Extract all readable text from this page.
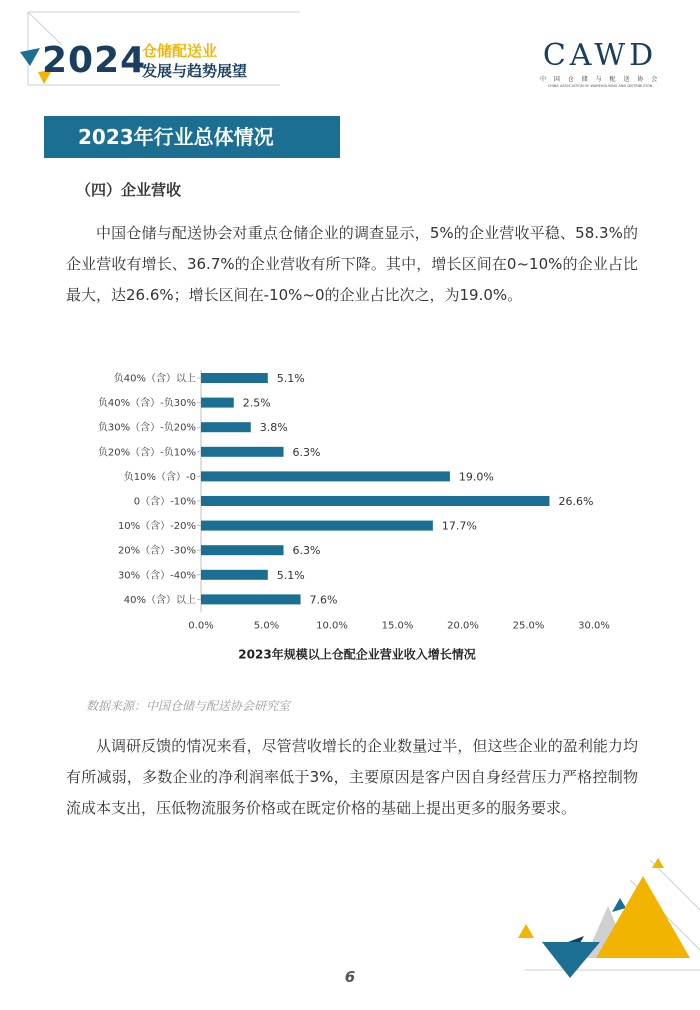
2024
仓储配送业
发展与趋势展望	CAWD
中 国 仓 储 与 配 送 协 会
CHINA ASSOCIATION OF WAREHOUSING AND DISTRIBUTION
2023年行业总体情况
（四）企业营收
中国仓储与配送协会对重点仓储企业的调查显示，5%的企业营收平稳、58.3%的企业营收有增长、36.7%的企业营收有所下降。其中，增长区间在0~10%的企业占比最大，达26.6%；增长区间在-10%~0的企业占比次之，为19.0%。
负40%（含）以上	5.1%
负40%（含）-负30%	2.5%
负30%（含）-负20%	3.8%
负20%（含）-负10%	6.3%
负10%（含）-0	19.0%
0（含）-10%	26.6%
10%（含）-20%	17.7%
20%（含）-30%	6.3%
30%（含）-40%	5.1%
40%（含）以上	7.6%
0.0%	5.0%	10.0%	15.0%	20.0%	25.0%	30.0%
2023年规模以上仓配企业营业收入增长情况
数据来源：中国仓储与配送协会研究室
从调研反馈的情况来看，尽管营收增长的企业数量过半，但这些企业的盈利能力均有所减弱，多数企业的净利润率低于3%，主要原因是客户因自身经营压力严格控制物流成本支出，压低物流服务价格或在既定价格的基础上提出更多的服务要求。
6
